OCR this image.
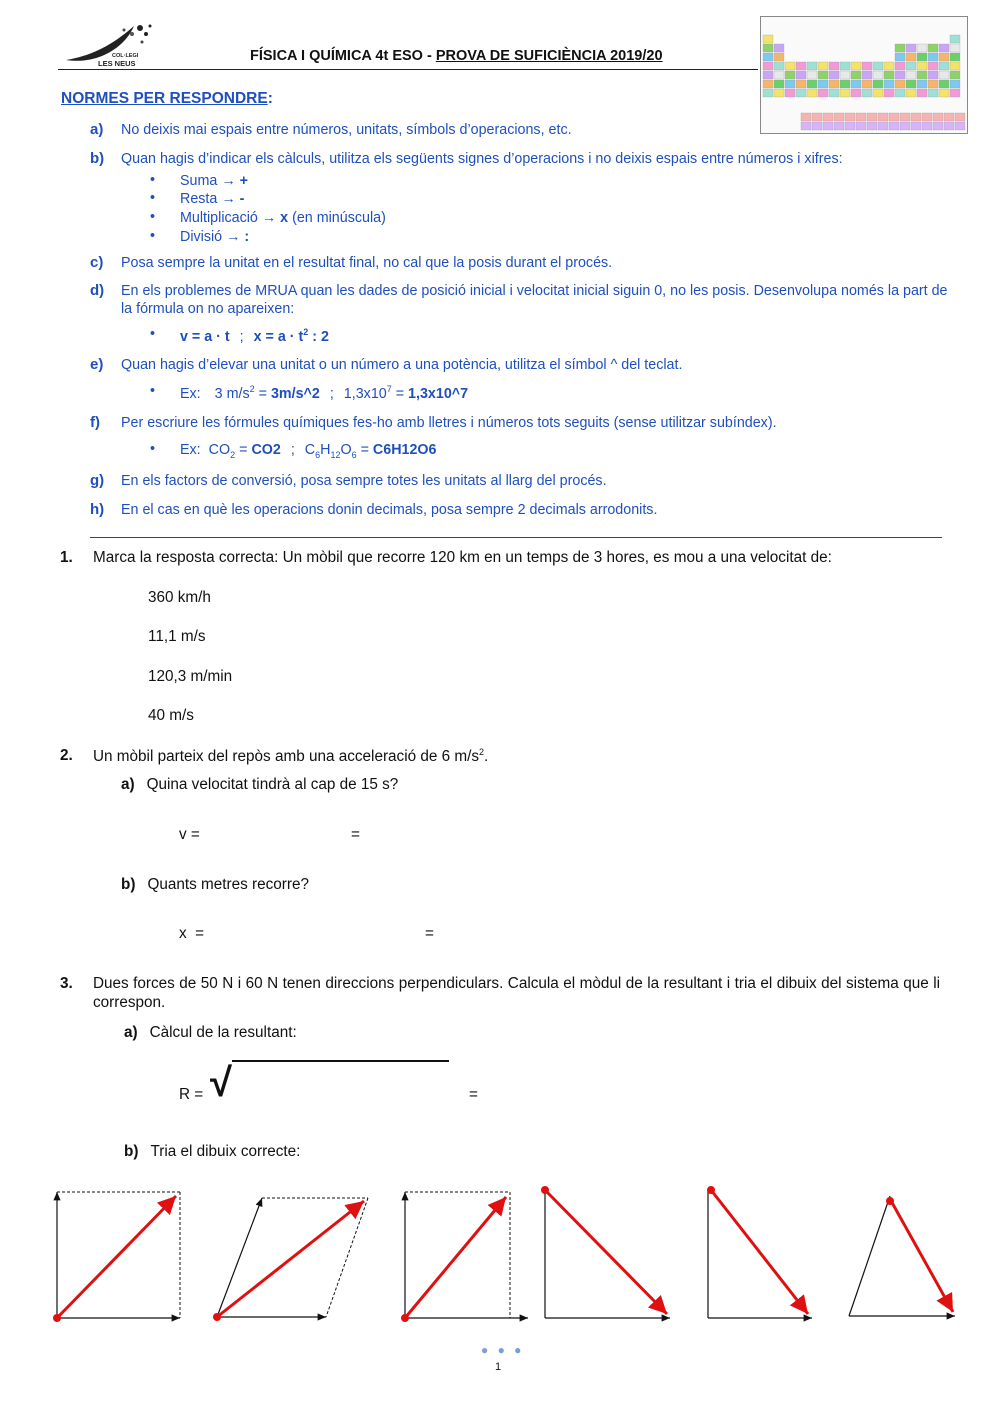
COL·LEGI
LES NEUS	FÍSICA I QUÍMICA 4t ESO - PROVA DE SUFICIÈNCIA 2019/20
NORMES PER RESPONDRE:
a) No deixis mai espais entre números, unitats, símbols d’operacions, etc.
b) Quan hagis d’indicar els càlculs, utilitza els següents signes d’operacions i no deixis espais entre números i xifres:
• Suma → +
• Resta → -
• Multiplicació → x (en minúscula)
• Divisió → :
c) Posa sempre la unitat en el resultat final, no cal que la posis durant el procés.
d) En els problemes de MRUA quan les dades de posició inicial i velocitat inicial siguin 0, no les posis. Desenvolupa només la part de la fórmula on no apareixen:
• v = a · t ; $x = a \cdot t^2$ : 2
e) Quan hagis d’elevar una unitat o un número a una potència, utilitza el símbol ^ del teclat.
• Ex: 3 $m/s^2$ = 3m/s^2 ; $1,3x10^7$ = 1,3x10^7
f) Per escriure les fórmules químiques fes-ho amb lletres i números tots seguits (sense utilitzar subíndex).
• Ex: $CO_2 = CO2$ ; $C_6H_{12}O_6 = C6H12O6$
g) En els factors de conversió, posa sempre totes les unitats al llarg del procés.
h) En el cas en què les operacions donin decimals, posa sempre 2 decimals arrodonits.
1. Marca la resposta correcta: Un mòbil que recorre 120 km en un temps de 3 hores, es mou a una velocitat de:
360 km/h
11,1 m/s
120,3 m/min
40 m/s
2. Un mòbil parteix del repòs amb una acceleració de 6 $m/s^2$.
a) Quina velocitat tindrà al cap de 15 s?
v =	=
b) Quants metres recorre?
x  =	=
3. Dues forces de 50 N i 60 N tenen direccions perpendiculars. Calcula el mòdul de la resultant i tria el dibuix del sistema que li correspon.
a) Càlcul de la resultant:
R = √	=
b) Tria el dibuix correcte:
● ● ●
1
